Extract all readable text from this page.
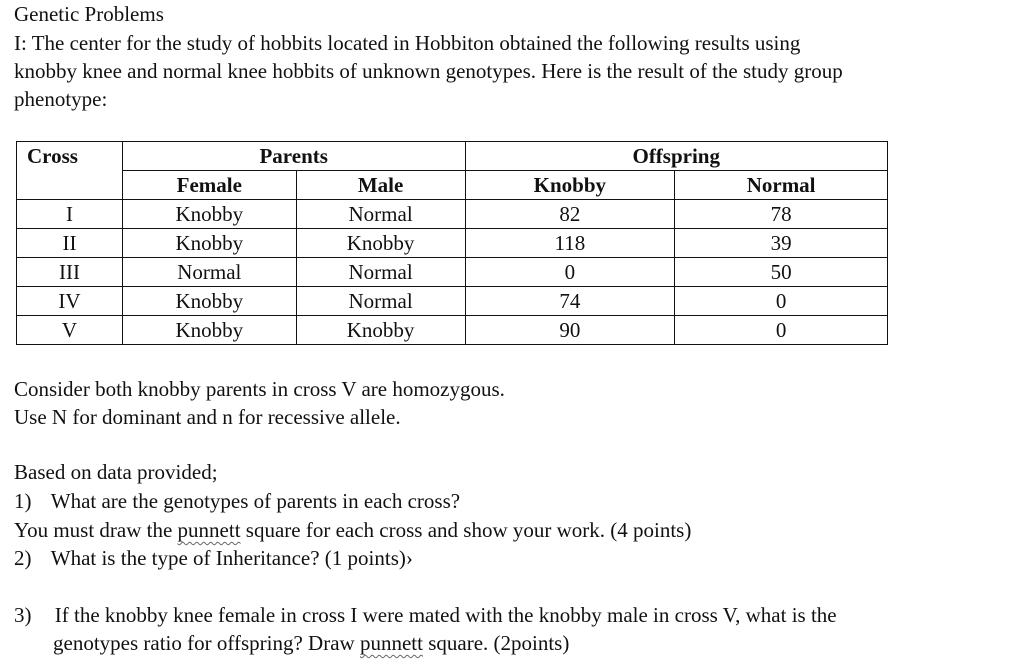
Genetic Problems
I: The center for the study of hobbits located in Hobbiton obtained the following results using
knobby knee and normal knee hobbits of unknown genotypes. Here is the result of the study group
phenotype:
Cross	Parents		Offspring	
	Female	Male	Knobby	Normal
I	Knobby	Normal	82	78
II	Knobby	Knobby	118	39
III	Normal	Normal	0	50
IV	Knobby	Normal	74	0
V	Knobby	Knobby	90	0
Consider both knobby parents in cross V are homozygous.
Use N for dominant and n for recessive allele.
Based on data provided;
1) What are the genotypes of parents in each cross?
You must draw the punnett square for each cross and show your work. (4 points)
2) What is the type of Inheritance? (1 points)›
3) If the knobby knee female in cross I were mated with the knobby male in cross V, what is the
genotypes ratio for offspring? Draw punnett square. (2points)
